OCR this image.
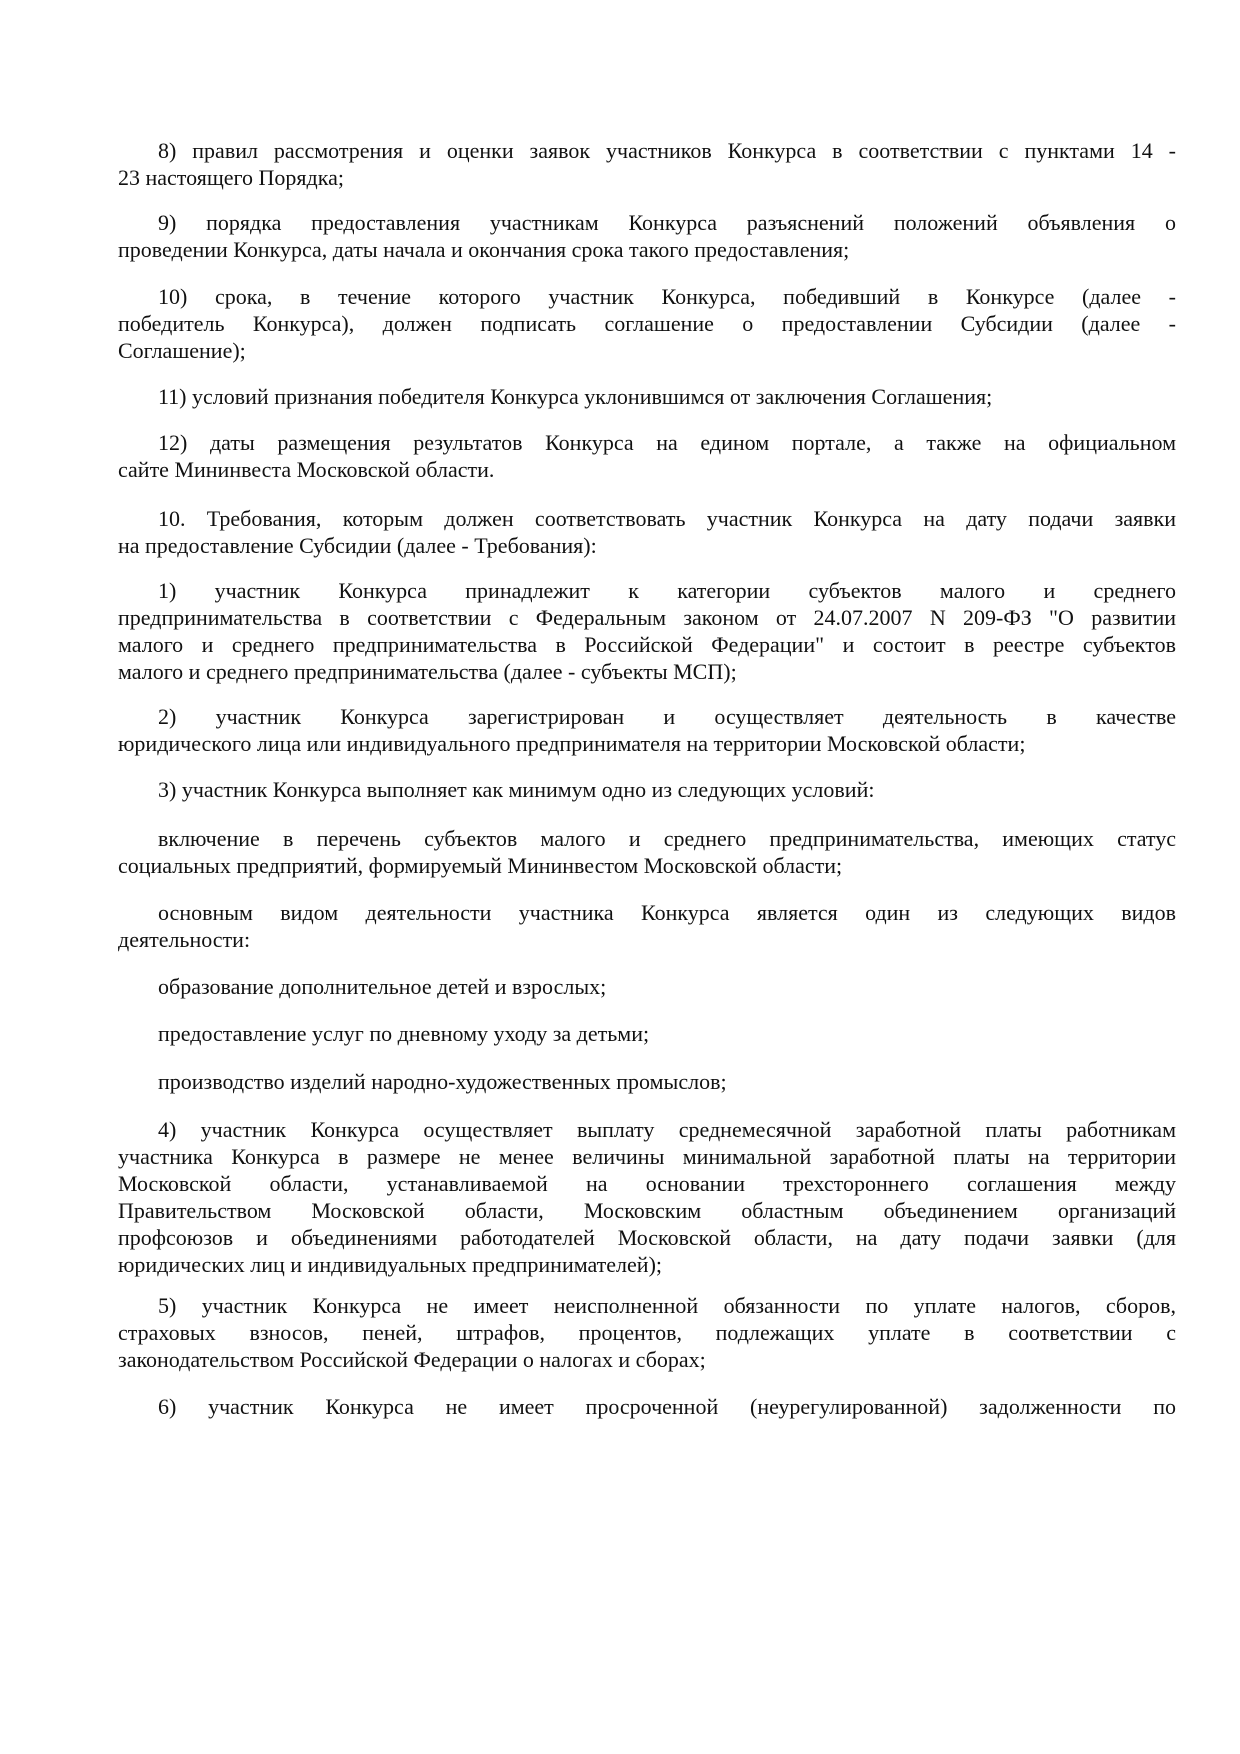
8) правил рассмотрения и оценки заявок участников Конкурса в соответствии с пунктами 14 -
23 настоящего Порядка;
9) порядка предоставления участникам Конкурса разъяснений положений объявления о
проведении Конкурса, даты начала и окончания срока такого предоставления;
10) срока, в течение которого участник Конкурса, победивший в Конкурсе (далее -
победитель Конкурса), должен подписать соглашение о предоставлении Субсидии (далее -
Соглашение);
11) условий признания победителя Конкурса уклонившимся от заключения Соглашения;
12) даты размещения результатов Конкурса на едином портале, а также на официальном
сайте Мининвеста Московской области.
10. Требования, которым должен соответствовать участник Конкурса на дату подачи заявки
на предоставление Субсидии (далее - Требования):
1) участник Конкурса принадлежит к категории субъектов малого и среднего
предпринимательства в соответствии с Федеральным законом от 24.07.2007 N 209-ФЗ "О развитии
малого и среднего предпринимательства в Российской Федерации" и состоит в реестре субъектов
малого и среднего предпринимательства (далее - субъекты МСП);
2) участник Конкурса зарегистрирован и осуществляет деятельность в качестве
юридического лица или индивидуального предпринимателя на территории Московской области;
3) участник Конкурса выполняет как минимум одно из следующих условий:
включение в перечень субъектов малого и среднего предпринимательства, имеющих статус
социальных предприятий, формируемый Мининвестом Московской области;
основным видом деятельности участника Конкурса является один из следующих видов
деятельности:
образование дополнительное детей и взрослых;
предоставление услуг по дневному уходу за детьми;
производство изделий народно-художественных промыслов;
4) участник Конкурса осуществляет выплату среднемесячной заработной платы работникам
участника Конкурса в размере не менее величины минимальной заработной платы на территории
Московской области, устанавливаемой на основании трехстороннего соглашения между
Правительством Московской области, Московским областным объединением организаций
профсоюзов и объединениями работодателей Московской области, на дату подачи заявки (для
юридических лиц и индивидуальных предпринимателей);
5) участник Конкурса не имеет неисполненной обязанности по уплате налогов, сборов,
страховых взносов, пеней, штрафов, процентов, подлежащих уплате в соответствии с
законодательством Российской Федерации о налогах и сборах;
6) участник Конкурса не имеет просроченной (неурегулированной) задолженности по
